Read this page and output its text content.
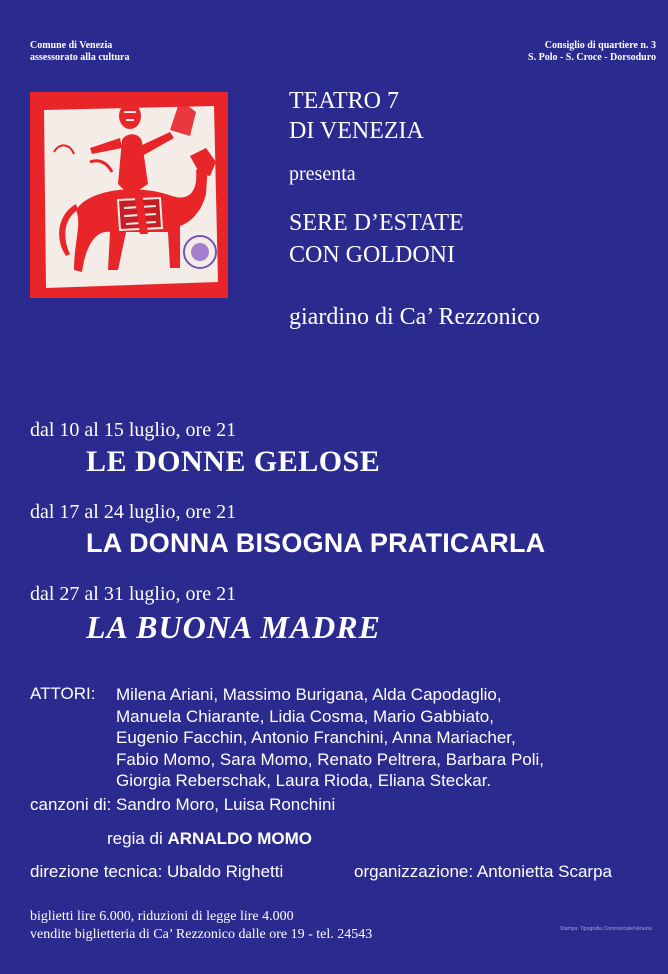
Comune di Venezia
assessorato alla cultura
Consiglio di quartiere n. 3
S. Polo - S. Croce - Dorsoduro
TEATRO 7
DI VENEZIA
presenta
SERE D’ESTATE
CON GOLDONI
giardino di Ca’ Rezzonico
dal 10 al 15 luglio, ore 21
LE DONNE GELOSE
dal 17 al 24 luglio, ore 21
LA DONNA BISOGNA PRATICARLA
dal 27 al 31 luglio, ore 21
LA BUONA MADRE
ATTORI: Milena Ariani, Massimo Burigana, Alda Capodaglio,
Manuela Chiarante, Lidia Cosma, Mario Gabbiato,
Eugenio Facchin, Antonio Franchini, Anna Mariacher,
Fabio Momo, Sara Momo, Renato Peltrera, Barbara Poli,
Giorgia Reberschak, Laura Rioda, Eliana Steckar.
canzoni di: Sandro Moro, Luisa Ronchini
regia di ARNALDO MOMO
direzione tecnica: Ubaldo Righetti	organizzazione: Antonietta Scarpa
biglietti lire 6.000, riduzioni di legge lire 4.000
vendite biglietteria di Ca’ Rezzonico dalle ore 19 - tel. 24543	Stampa: Tipografia Commerciale/Venezia
